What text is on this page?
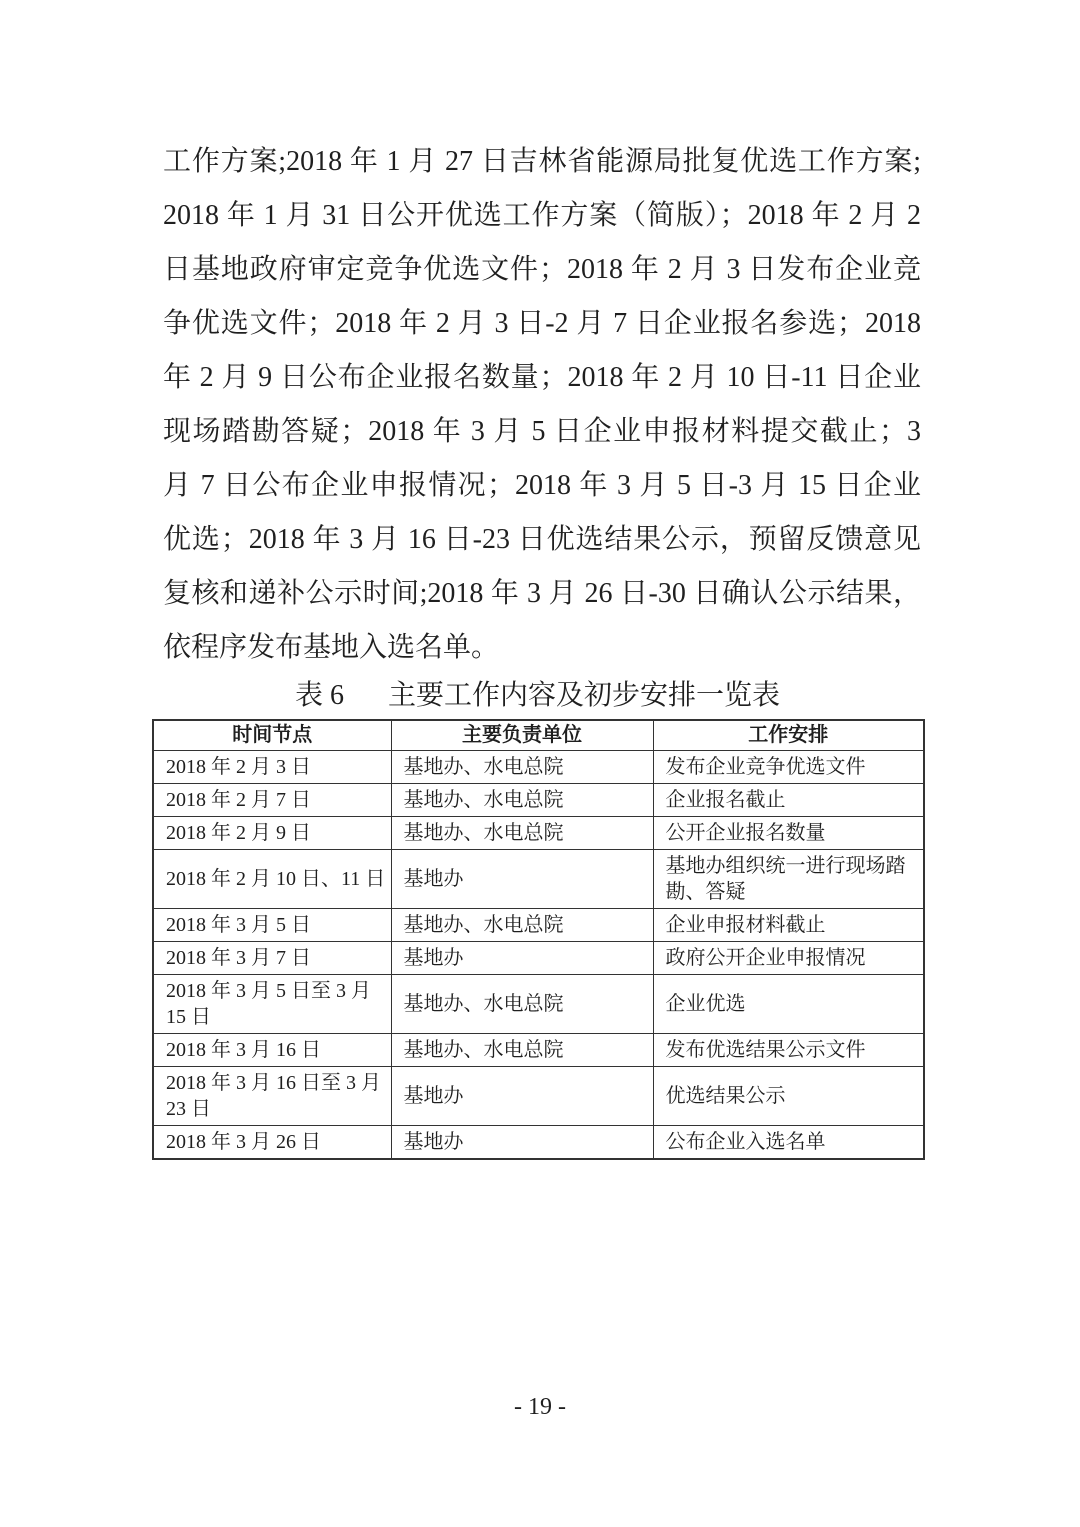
工作方案;2018 年 1 月 27 日吉林省能源局批复优选工作方案;
2018 年 1 月 31 日公开优选工作方案（简版）；2018 年 2 月 2
日基地政府审定竞争优选文件；2018 年 2 月 3 日发布企业竞
争优选文件；2018 年 2 月 3 日-2 月 7 日企业报名参选；2018
年 2 月 9 日公布企业报名数量；2018 年 2 月 10 日-11 日企业
现场踏勘答疑；2018 年 3 月 5 日企业申报材料提交截止；3
月 7 日公布企业申报情况；2018 年 3 月 5 日-3 月 15 日企业
优选；2018 年 3 月 16 日-23 日优选结果公示，预留反馈意见
复核和递补公示时间;2018 年 3 月 26 日-30 日确认公示结果，
依程序发布基地入选名单。
表 6 主要工作内容及初步安排一览表
时间节点	主要负责单位	工作安排
2018 年 2 月 3 日	基地办、水电总院	发布企业竞争优选文件
2018 年 2 月 7 日	基地办、水电总院	企业报名截止
2018 年 2 月 9 日	基地办、水电总院	公开企业报名数量
2018 年 2 月 10 日、11 日	基地办	基地办组织统一进行现场踏勘、答疑
2018 年 3 月 5 日	基地办、水电总院	企业申报材料截止
2018 年 3 月 7 日	基地办	政府公开企业申报情况
2018 年 3 月 5 日至 3 月 15 日	基地办、水电总院	企业优选
2018 年 3 月 16 日	基地办、水电总院	发布优选结果公示文件
2018 年 3 月 16 日至 3 月 23 日	基地办	优选结果公示
2018 年 3 月 26 日	基地办	公布企业入选名单
- 19 -
